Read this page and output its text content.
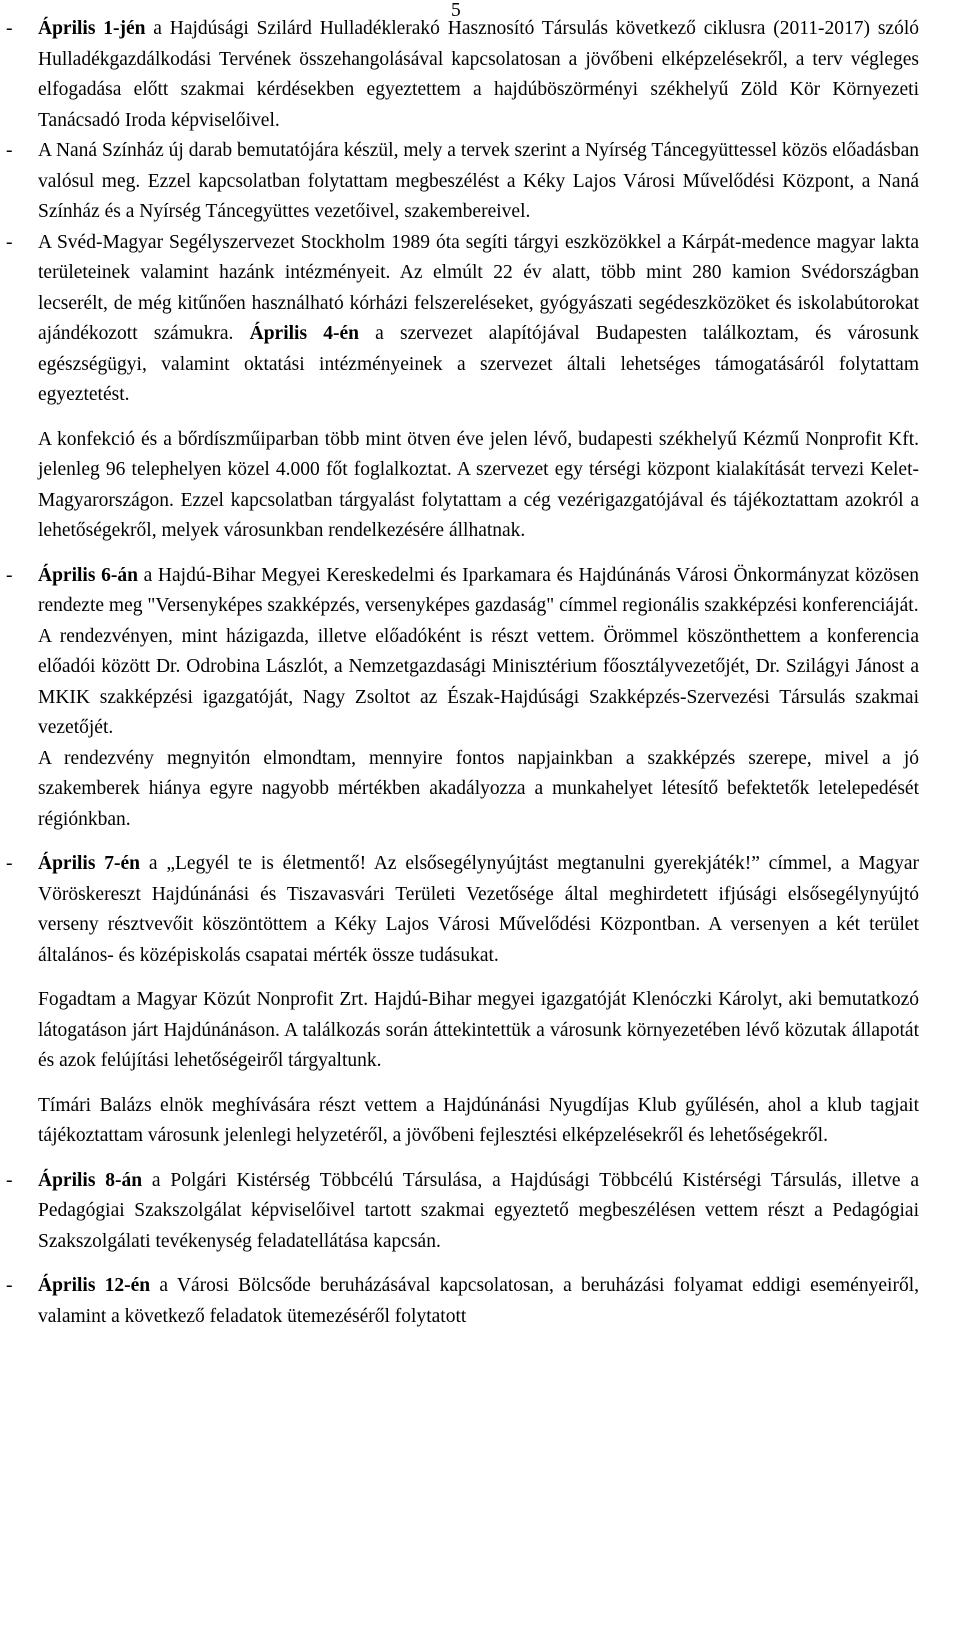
5

- Április 1-jén a Hajdúsági Szilárd Hulladéklerakó Hasznosító Társulás következő ciklusra (2011-2017) szóló Hulladékgazdálkodási Tervének összehangolásával kapcsolatosan a jövőbeni elképzelésekről, a terv végleges elfogadása előtt szakmai kérdésekben egyeztettem a hajdúböszörményi székhelyű Zöld Kör Környezeti Tanácsadó Iroda képviselőivel.

- A Naná Színház új darab bemutatójára készül, mely a tervek szerint a Nyírség Táncegyüttessel közös előadásban valósul meg. Ezzel kapcsolatban folytattam megbeszélést a Kéky Lajos Városi Művelődési Központ, a Naná Színház és a Nyírség Táncegyüttes vezetőivel, szakembereivel.

- A Svéd-Magyar Segélyszervezet Stockholm 1989 óta segíti tárgyi eszközökkel a Kárpát-medence magyar lakta területeinek valamint hazánk intézményeit. Az elmúlt 22 év alatt, több mint 280 kamion Svédországban lecserélt, de még kitűnően használható kórházi felszereléseket, gyógyászati segédeszközöket és iskolabútorokat ajándékozott számukra. Április 4-én a szervezet alapítójával Budapesten találkoztam, és városunk egészségügyi, valamint oktatási intézményeinek a szervezet általi lehetséges támogatásáról folytattam egyeztetést.

A konfekció és a bőrdíszműiparban több mint ötven éve jelen lévő, budapesti székhelyű Kézmű Nonprofit Kft. jelenleg 96 telephelyen közel 4.000 főt foglalkoztat. A szervezet egy térségi központ kialakítását tervezi Kelet-Magyarországon. Ezzel kapcsolatban tárgyalást folytattam a cég vezérigazgatójával és tájékoztattam azokról a lehetőségekről, melyek városunkban rendelkezésére állhatnak.

- Április 6-án a Hajdú-Bihar Megyei Kereskedelmi és Iparkamara és Hajdúnánás Városi Önkormányzat közösen rendezte meg "Versenyképes szakképzés, versenyképes gazdaság" címmel regionális szakképzési konferenciáját.

A rendezvényen, mint házigazda, illetve előadóként is részt vettem. Örömmel köszönthettem a konferencia előadói között Dr. Odrobina Lászlót, a Nemzetgazdasági Minisztérium főosztályvezetőjét, Dr. Szilágyi Jánost a MKIK szakképzési igazgatóját, Nagy Zsoltot az Észak-Hajdúsági Szakképzés-Szervezési Társulás szakmai vezetőjét.

A rendezvény megnyitón elmondtam, mennyire fontos napjainkban a szakképzés szerepe, mivel a jó szakemberek hiánya egyre nagyobb mértékben akadályozza a munkahelyet létesítő befektetők letelepedését régiónkban.

- Április 7-én a „Legyél te is életmentő! Az elsősegélynyújtást megtanulni gyerekjáték!” címmel, a Magyar Vöröskereszt Hajdúnánási és Tiszavasvári Területi Vezetősége által meghirdetett ifjúsági elsősegélynyújtó verseny résztvevőit köszöntöttem a Kéky Lajos Városi Művelődési Központban. A versenyen a két terület általános- és középiskolás csapatai mérték össze tudásukat.

Fogadtam a Magyar Közút Nonprofit Zrt. Hajdú-Bihar megyei igazgatóját Klenóczki Károlyt, aki bemutatkozó látogatáson járt Hajdúnánáson. A találkozás során áttekintettük a városunk környezetében lévő közutak állapotát és azok felújítási lehetőségeiről tárgyaltunk.

Tímári Balázs elnök meghívására részt vettem a Hajdúnánási Nyugdíjas Klub gyűlésén, ahol a klub tagjait tájékoztattam városunk jelenlegi helyzetéről, a jövőbeni fejlesztési elképzelésekről és lehetőségekről.

- Április 8-án a Polgári Kistérség Többcélú Társulása, a Hajdúsági Többcélú Kistérségi Társulás, illetve a Pedagógiai Szakszolgálat képviselőivel tartott szakmai egyeztető megbeszélésen vettem részt a Pedagógiai Szakszolgálati tevékenység feladatellátása kapcsán.

- Április 12-én a Városi Bölcsőde beruházásával kapcsolatosan, a beruházási folyamat eddigi eseményeiről, valamint a következő feladatok ütemezéséről folytatott
